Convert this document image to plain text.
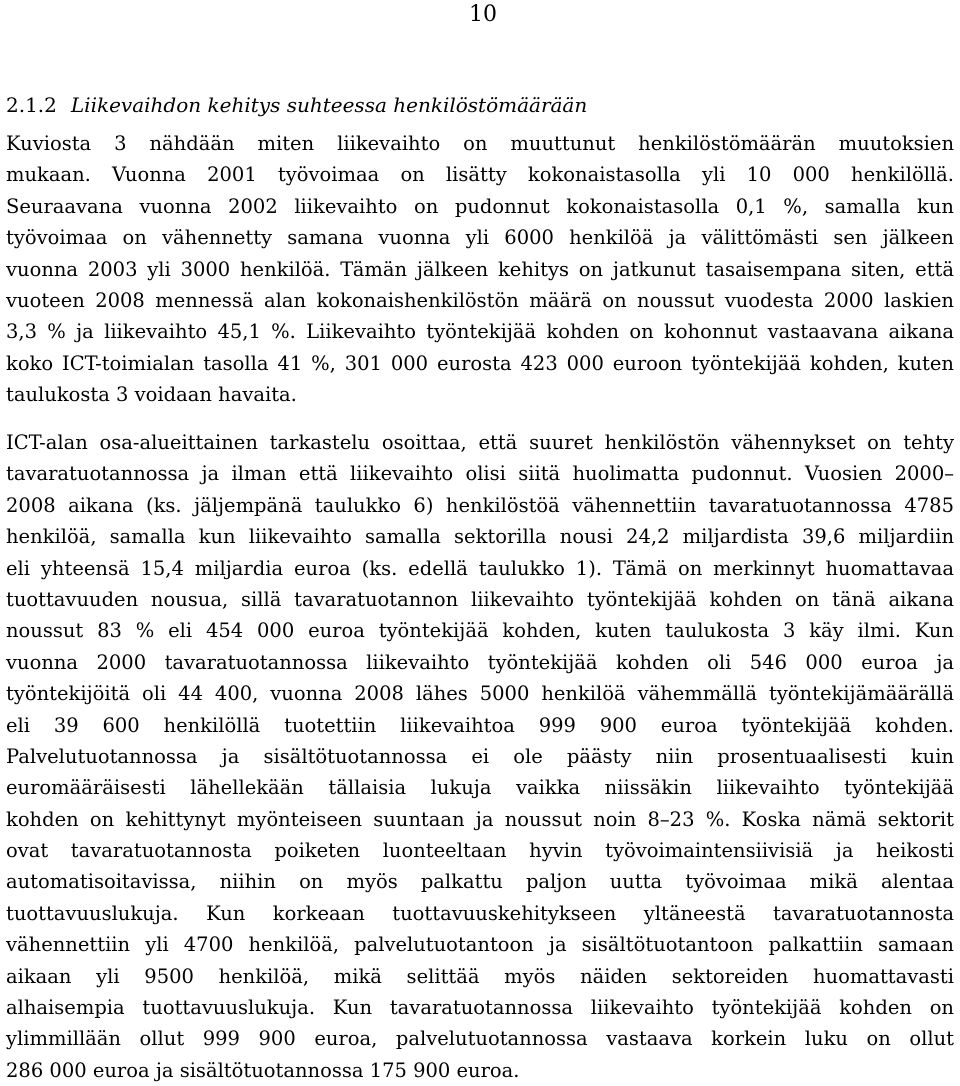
10
2.1.2 Liikevaihdon kehitys suhteessa henkilöstömäärään
Kuviosta 3 nähdään miten liikevaihto on muuttunut henkilöstömäärän muutoksien
mukaan. Vuonna 2001 työvoimaa on lisätty kokonaistasolla yli 10 000 henkilöllä.
Seuraavana vuonna 2002 liikevaihto on pudonnut kokonaistasolla 0,1 %, samalla kun
työvoimaa on vähennetty samana vuonna yli 6000 henkilöä ja välittömästi sen jälkeen
vuonna 2003 yli 3000 henkilöä. Tämän jälkeen kehitys on jatkunut tasaisempana siten, että
vuoteen 2008 mennessä alan kokonaishenkilöstön määrä on noussut vuodesta 2000 laskien
3,3 % ja liikevaihto 45,1 %. Liikevaihto työntekijää kohden on kohonnut vastaavana aikana
koko ICT-toimialan tasolla 41 %, 301 000 eurosta 423 000 euroon työntekijää kohden, kuten
taulukosta 3 voidaan havaita.
ICT-alan osa-alueittainen tarkastelu osoittaa, että suuret henkilöstön vähennykset on tehty
tavaratuotannossa ja ilman että liikevaihto olisi siitä huolimatta pudonnut. Vuosien 2000–
2008 aikana (ks. jäljempänä taulukko 6) henkilöstöä vähennettiin tavaratuotannossa 4785
henkilöä, samalla kun liikevaihto samalla sektorilla nousi 24,2 miljardista 39,6 miljardiin
eli yhteensä 15,4 miljardia euroa (ks. edellä taulukko 1). Tämä on merkinnyt huomattavaa
tuottavuuden nousua, sillä tavaratuotannon liikevaihto työntekijää kohden on tänä aikana
noussut 83 % eli 454 000 euroa työntekijää kohden, kuten taulukosta 3 käy ilmi. Kun
vuonna 2000 tavaratuotannossa liikevaihto työntekijää kohden oli 546 000 euroa ja
työntekijöitä oli 44 400, vuonna 2008 lähes 5000 henkilöä vähemmällä työntekijämäärällä
eli 39 600 henkilöllä tuotettiin liikevaihtoa 999 900 euroa työntekijää kohden.
Palvelutuotannossa ja sisältötuotannossa ei ole päästy niin prosentuaalisesti kuin
euromääräisesti lähellekään tällaisia lukuja vaikka niissäkin liikevaihto työntekijää
kohden on kehittynyt myönteiseen suuntaan ja noussut noin 8–23 %. Koska nämä sektorit
ovat tavaratuotannosta poiketen luonteeltaan hyvin työvoimaintensiivisiä ja heikosti
automatisoitavissa, niihin on myös palkattu paljon uutta työvoimaa mikä alentaa
tuottavuuslukuja. Kun korkeaan tuottavuuskehitykseen yltäneestä tavaratuotannosta
vähennettiin yli 4700 henkilöä, palvelutuotantoon ja sisältötuotantoon palkattiin samaan
aikaan yli 9500 henkilöä, mikä selittää myös näiden sektoreiden huomattavasti
alhaisempia tuottavuuslukuja. Kun tavaratuotannossa liikevaihto työntekijää kohden on
ylimmillään ollut 999 900 euroa, palvelutuotannossa vastaava korkein luku on ollut
286 000 euroa ja sisältötuotannossa 175 900 euroa.
